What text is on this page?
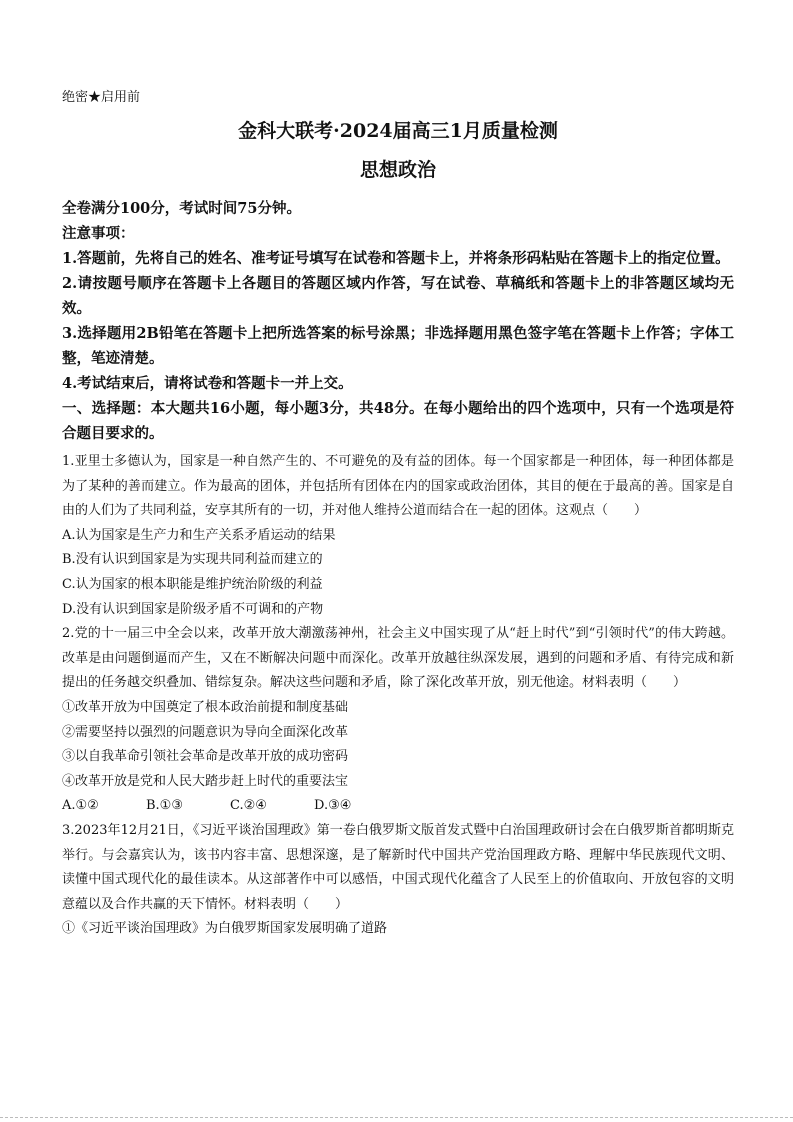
绝密★启用前

金科大联考·2024届高三1月质量检测
思想政治

全卷满分100分，考试时间75分钟。

注意事项：

1.答题前，先将自己的姓名、准考证号填写在试卷和答题卡上，并将条形码粘贴在答题卡上的指定位置。

2.请按题号顺序在答题卡上各题目的答题区域内作答，写在试卷、草稿纸和答题卡上的非答题区域均无效。

3.选择题用2B铅笔在答题卡上把所选答案的标号涂黑；非选择题用黑色签字笔在答题卡上作答；字体工整，笔迹清楚。

4.考试结束后，请将试卷和答题卡一并上交。

一、选择题：本大题共16小题，每小题3分，共48分。在每小题给出的四个选项中，只有一个选项是符合题目要求的。

1.亚里士多德认为，国家是一种自然产生的、不可避免的及有益的团体。每一个国家都是一种团体，每一种团体都是为了某种的善而建立。作为最高的团体，并包括所有团体在内的国家或政治团体，其目的便在于最高的善。国家是自由的人们为了共同利益，安享其所有的一切，并对他人维持公道而结合在一起的团体。这观点（　　）

A.认为国家是生产力和生产关系矛盾运动的结果

B.没有认识到国家是为实现共同利益而建立的

C.认为国家的根本职能是维护统治阶级的利益

D.没有认识到国家是阶级矛盾不可调和的产物

2.党的十一届三中全会以来，改革开放大潮激荡神州，社会主义中国实现了从“赶上时代”到“引领时代”的伟大跨越。改革是由问题倒逼而产生，又在不断解决问题中而深化。改革开放越往纵深发展，遇到的问题和矛盾、有待完成和新提出的任务越交织叠加、错综复杂。解决这些问题和矛盾，除了深化改革开放，别无他途。材料表明（　　）

①改革开放为中国奠定了根本政治前提和制度基础

②需要坚持以强烈的问题意识为导向全面深化改革

③以自我革命引领社会革命是改革开放的成功密码

④改革开放是党和人民大踏步赶上时代的重要法宝

A.①②	B.①③	C.②④	D.③④

3.2023年12月21日，《习近平谈治国理政》第一卷白俄罗斯文版首发式暨中白治国理政研讨会在白俄罗斯首都明斯克举行。与会嘉宾认为，该书内容丰富、思想深邃，是了解新时代中国共产党治国理政方略、理解中华民族现代文明、读懂中国式现代化的最佳读本。从这部著作中可以感悟，中国式现代化蕴含了人民至上的价值取向、开放包容的文明意蕴以及合作共赢的天下情怀。材料表明（　　）

①《习近平谈治国理政》为白俄罗斯国家发展明确了道路
